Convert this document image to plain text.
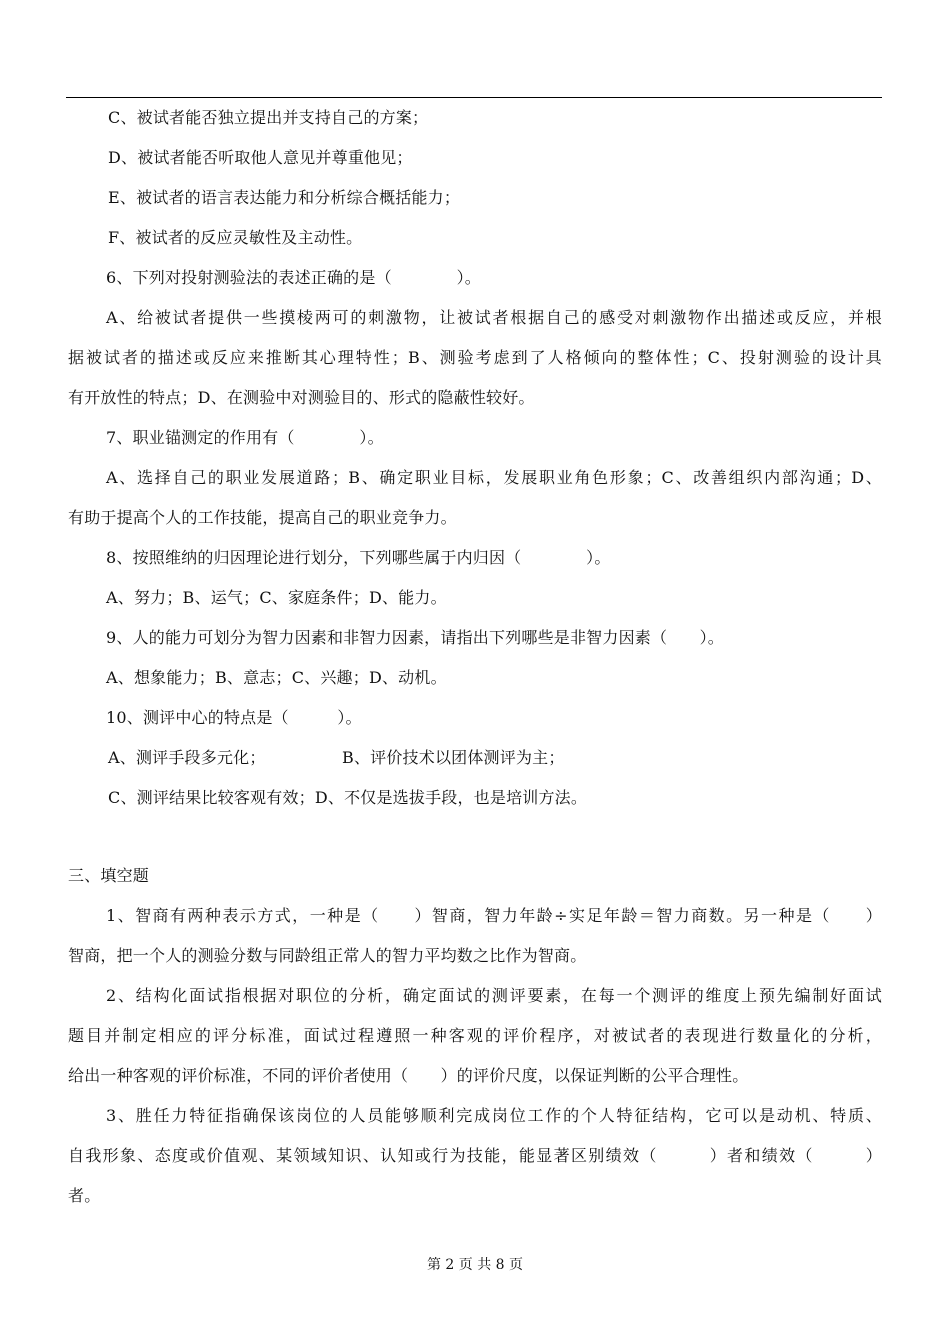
C、被试者能否独立提出并支持自己的方案；
D、被试者能否听取他人意见并尊重他见；
E、被试者的语言表达能力和分析综合概括能力；
F、被试者的反应灵敏性及主动性。
6、下列对投射测验法的表述正确的是（　　　　）。
A、给被试者提供一些摸棱两可的刺激物，让被试者根据自己的感受对刺激物作出描述或反应，并根
据被试者的描述或反应来推断其心理特性；B、测验考虑到了人格倾向的整体性；C、投射测验的设计具
有开放性的特点；D、在测验中对测验目的、形式的隐蔽性较好。
7、职业锚测定的作用有（　　　　）。
A、选择自己的职业发展道路；B、确定职业目标，发展职业角色形象；C、改善组织内部沟通；D、
有助于提高个人的工作技能，提高自己的职业竞争力。
8、按照维纳的归因理论进行划分，下列哪些属于内归因（　　　　）。
A、努力；B、运气；C、家庭条件；D、能力。
9、人的能力可划分为智力因素和非智力因素，请指出下列哪些是非智力因素（　　）。
A、想象能力；B、意志；C、兴趣；D、动机。
10、测评中心的特点是（　　　）。
A、测评手段多元化；	B、评价技术以团体测评为主；
C、测评结果比较客观有效；D、不仅是选拔手段，也是培训方法。
三、填空题
1、智商有两种表示方式，一种是（　　）智商，智力年龄÷实足年龄＝智力商数。另一种是（　　）
智商，把一个人的测验分数与同龄组正常人的智力平均数之比作为智商。
2、结构化面试指根据对职位的分析，确定面试的测评要素，在每一个测评的维度上预先编制好面试
题目并制定相应的评分标准，面试过程遵照一种客观的评价程序，对被试者的表现进行数量化的分析，
给出一种客观的评价标准，不同的评价者使用（　　）的评价尺度，以保证判断的公平合理性。
3、胜任力特征指确保该岗位的人员能够顺利完成岗位工作的个人特征结构，它可以是动机、特质、
自我形象、态度或价值观、某领域知识、认知或行为技能，能显著区别绩效（　　　）者和绩效（　　　）
者。
第 2 页 共 8 页
